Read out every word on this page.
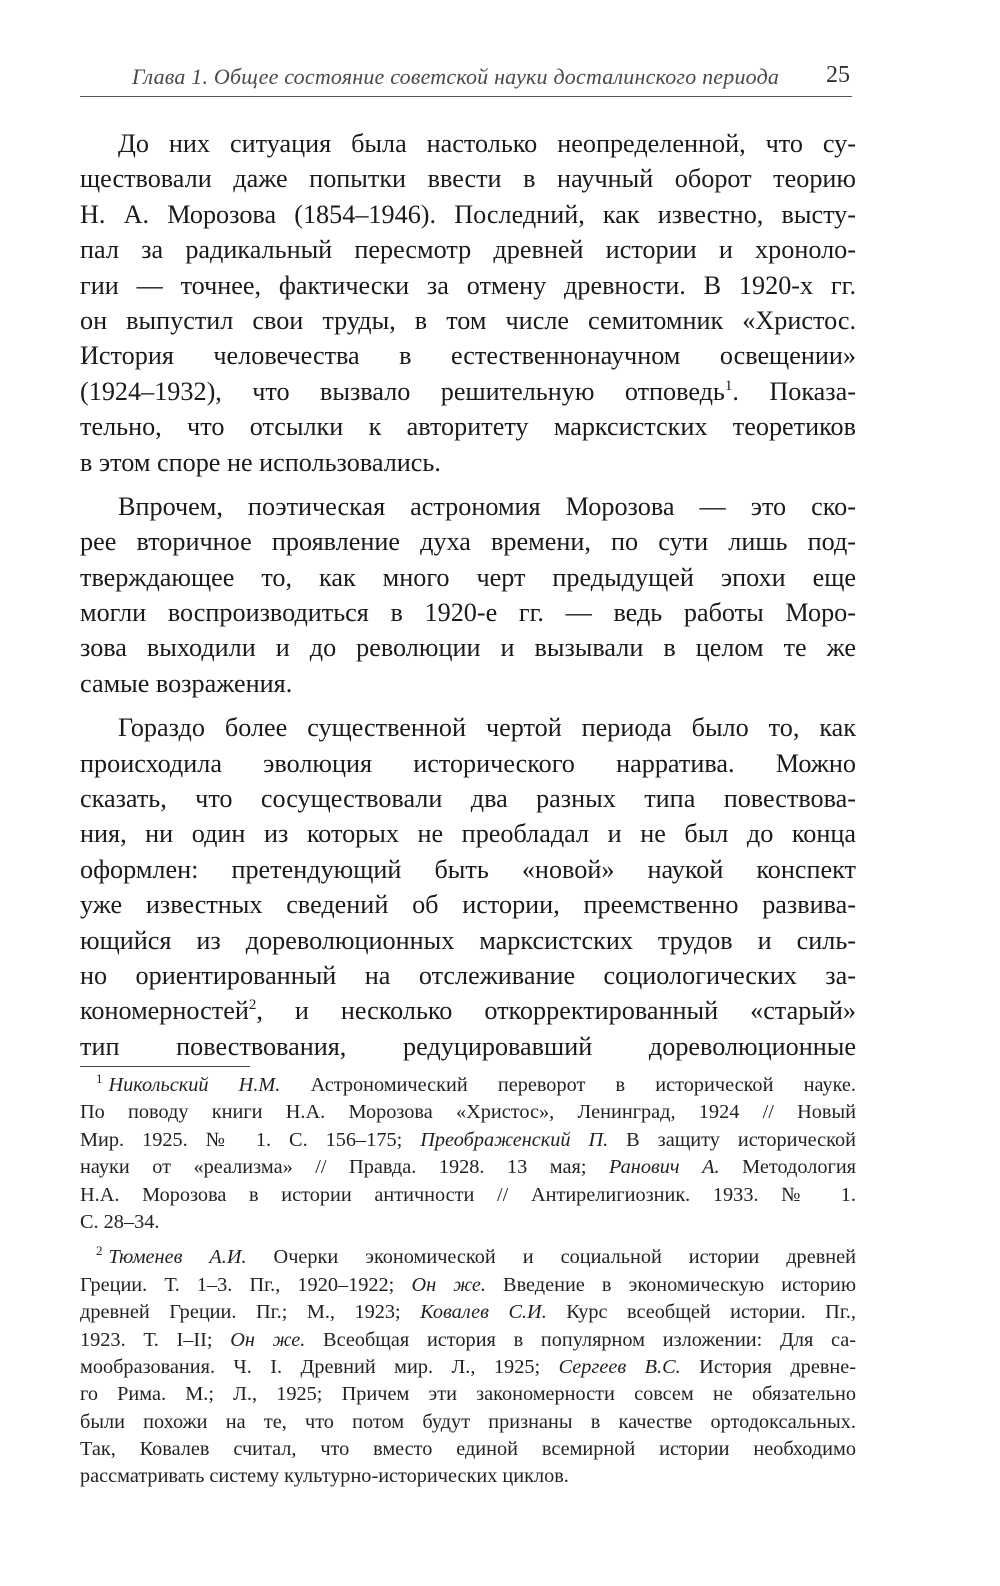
Глава 1. Общее состояние советской науки досталинского периода 25
До них ситуация была настолько неопределенной, что су-
ществовали даже попытки ввести в научный оборот теорию
Н. А. Морозова (1854–1946). Последний, как известно, высту-
пал за радикальный пересмотр древней истории и хроноло-
гии — точнее, фактически за отмену древности. В 1920-х гг.
он выпустил свои труды, в том числе семитомник «Христос.
История человечества в естественнонаучном освещении»
(1924–1932), что вызвало решительную отповедь$^1$. Показа-
тельно, что отсылки к авторитету марксистских теоретиков
в этом споре не использовались.
Впрочем, поэтическая астрономия Морозова — это ско-
рее вторичное проявление духа времени, по сути лишь под-
тверждающее то, как много черт предыдущей эпохи еще
могли воспроизводиться в 1920-е гг. — ведь работы Моро-
зова выходили и до революции и вызывали в целом те же
самые возражения.
Гораздо более существенной чертой периода было то, как
происходила эволюция исторического нарратива. Можно
сказать, что сосуществовали два разных типа повествова-
ния, ни один из которых не преобладал и не был до конца
оформлен: претендующий быть «новой» наукой конспект
уже известных сведений об истории, преемственно развива-
ющийся из дореволюционных марксистских трудов и силь-
но ориентированный на отслеживание социологических за-
кономерностей$^2$, и несколько откорректированный «старый»
тип повествования, редуцировавший дореволюционные
$^1$ Никольский Н.М. Астрономический переворот в исторической науке.
По поводу книги Н.А. Морозова «Христос», Ленинград, 1924 // Новый
Мир. 1925. № 1. С. 156–175; Преображенский П. В защиту исторической
науки от «реализма» // Правда. 1928. 13 мая; Ранович А. Методология
Н.А. Морозова в истории античности // Антирелигиозник. 1933. № 1.
С. 28–34.
$^2$ Тюменев А.И. Очерки экономической и социальной истории древней
Греции. Т. 1–3. Пг., 1920–1922; Он же. Введение в экономическую историю
древней Греции. Пг.; М., 1923; Ковалев С.И. Курс всеобщей истории. Пг.,
1923. Т. I–II; Он же. Всеобщая история в популярном изложении: Для са-
мообразования. Ч. I. Древний мир. Л., 1925; Сергеев В.С. История древне-
го Рима. М.; Л., 1925; Причем эти закономерности совсем не обязательно
были похожи на те, что потом будут признаны в качестве ортодоксальных.
Так, Ковалев считал, что вместо единой всемирной истории необходимо
рассматривать систему культурно-исторических циклов.
